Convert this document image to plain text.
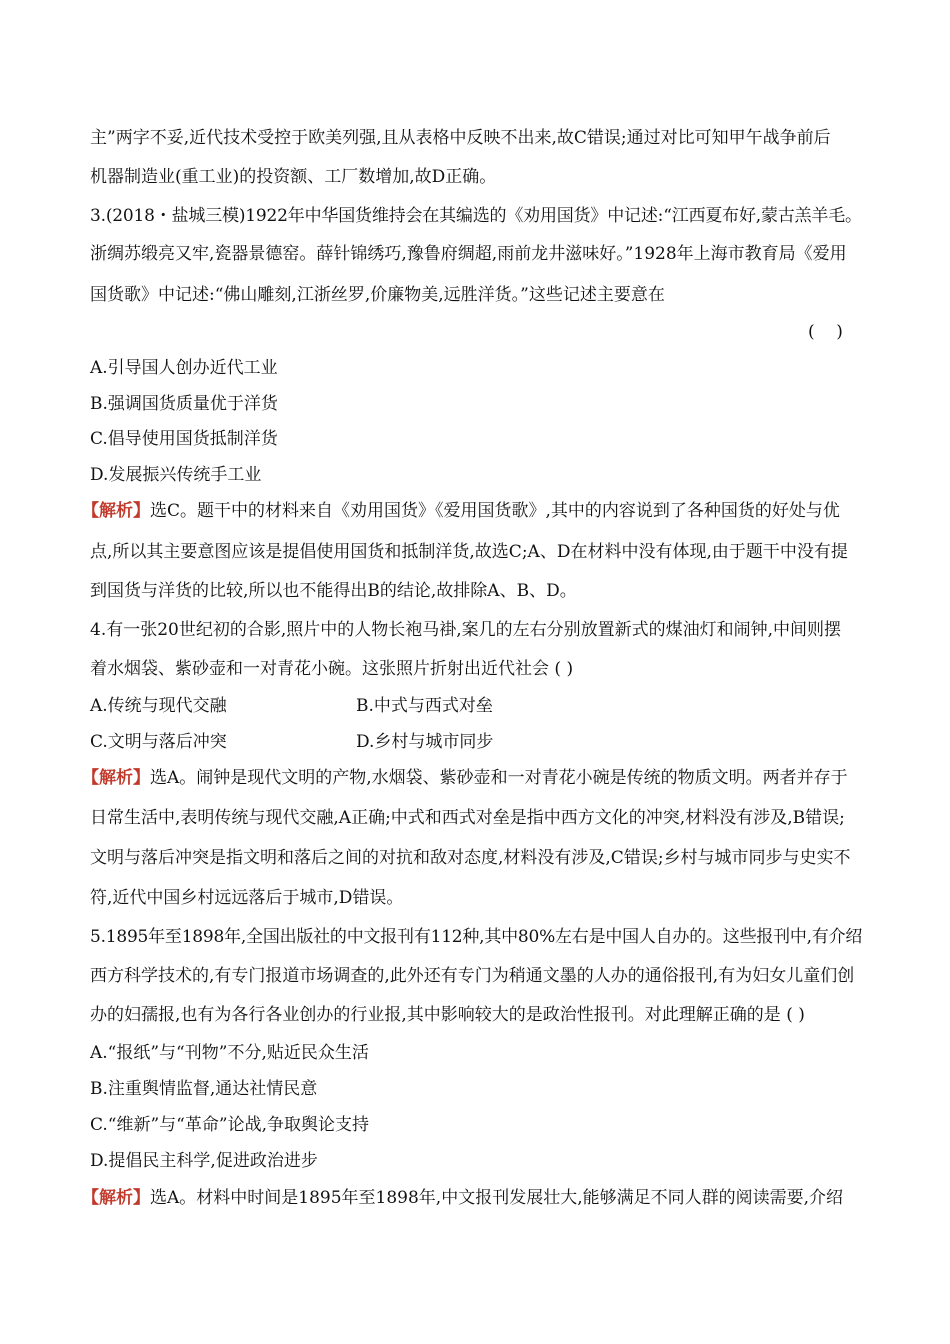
主”两字不妥,近代技术受控于欧美列强,且从表格中反映不出来,故C错误;通过对比可知甲午战争前后
机器制造业(重工业)的投资额、工厂数增加,故D正确。
3.(2018・盐城三模)1922年中华国货维持会在其编选的《劝用国货》中记述:“江西夏布好,蒙古羔羊毛。
浙绸苏缎亮又牢,瓷器景德窑。薛针锦绣巧,豫鲁府绸超,雨前龙井滋味好。”1928年上海市教育局《爱用
国货歌》中记述:“佛山雕刻,江浙丝罗,价廉物美,远胜洋货。”这些记述主要意在
(    )
A.引导国人创办近代工业
B.强调国货质量优于洋货
C.倡导使用国货抵制洋货
D.发展振兴传统手工业
【解析】选C。题干中的材料来自《劝用国货》《爱用国货歌》,其中的内容说到了各种国货的好处与优
点,所以其主要意图应该是提倡使用国货和抵制洋货,故选C;A、D在材料中没有体现,由于题干中没有提
到国货与洋货的比较,所以也不能得出B的结论,故排除A、B、D。
4.有一张20世纪初的合影,照片中的人物长袍马褂,案几的左右分别放置新式的煤油灯和闹钟,中间则摆
着水烟袋、紫砂壶和一对青花小碗。这张照片折射出近代社会 ( )
A.传统与现代交融	B.中式与西式对垒
C.文明与落后冲突	D.乡村与城市同步
【解析】选A。闹钟是现代文明的产物,水烟袋、紫砂壶和一对青花小碗是传统的物质文明。两者并存于
日常生活中,表明传统与现代交融,A正确;中式和西式对垒是指中西方文化的冲突,材料没有涉及,B错误;
文明与落后冲突是指文明和落后之间的对抗和敌对态度,材料没有涉及,C错误;乡村与城市同步与史实不
符,近代中国乡村远远落后于城市,D错误。
5.1895年至1898年,全国出版社的中文报刊有112种,其中80%左右是中国人自办的。这些报刊中,有介绍
西方科学技术的,有专门报道市场调查的,此外还有专门为稍通文墨的人办的通俗报刊,有为妇女儿童们创
办的妇孺报,也有为各行各业创办的行业报,其中影响较大的是政治性报刊。对此理解正确的是 ( )
A.“报纸”与“刊物”不分,贴近民众生活
B.注重舆情监督,通达社情民意
C.“维新”与“革命”论战,争取舆论支持
D.提倡民主科学,促进政治进步
【解析】选A。材料中时间是1895年至1898年,中文报刊发展壮大,能够满足不同人群的阅读需要,介绍
